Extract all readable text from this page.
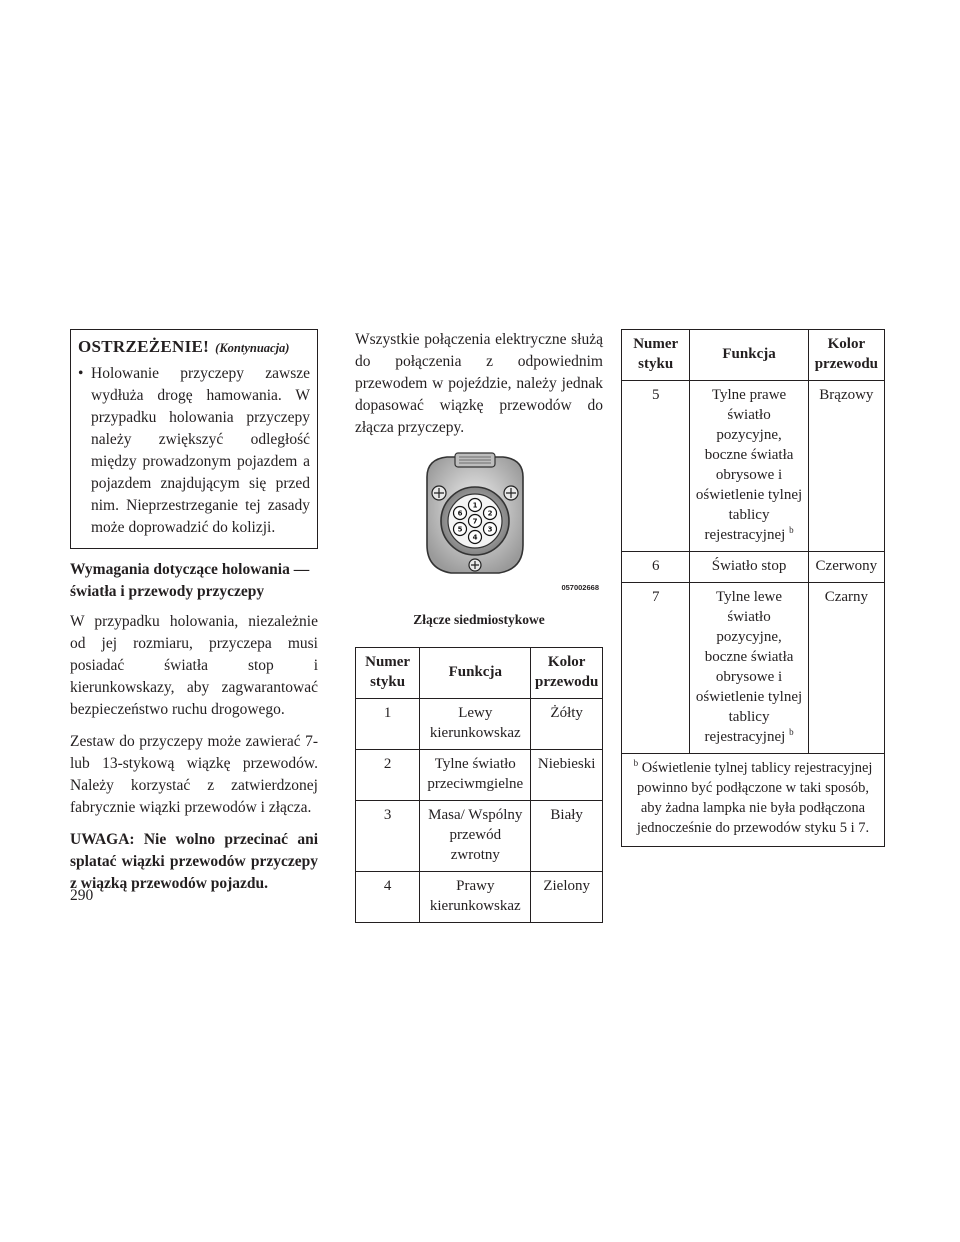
OSTRZEŻENIE! (Kontynuacja)
• Holowanie przyczepy zawsze wydłuża drogę hamowania. W przypadku holowania przyczepy należy zwiększyć odległość między prowadzonym pojazdem a pojazdem znajdującym się przed nim. Nieprzestrzeganie tej zasady może doprowadzić do kolizji.
Wymagania dotyczące holowania — światła i przewody przyczepy

W przypadku holowania, niezależnie od jej rozmiaru, przyczepa musi posiadać światła stop i kierunkowskazy, aby zagwarantować bezpieczeństwo ruchu drogowego.

Zestaw do przyczepy może zawierać 7- lub 13-stykową wiązkę przewodów. Należy korzystać z zatwierdzonej fabrycznie wiązki przewodów i złącza.

UWAGA: Nie wolno przecinać ani splatać wiązki przewodów przyczepy z wiązką przewodów pojazdu.

Wszystkie połączenia elektryczne służą do połączenia z odpowiednim przewodem w pojeździe, należy jednak dopasować wiązkę przewodów do złącza przyczepy.

1
2
3
4
5
6
7
057002668
Złącze siedmiostykowe
Numer styku	Funkcja	Kolor przewodu
1	Lewy kierunkowskaz	Żółty
2	Tylne światło przeciwmgielne	Niebieski
3	Masa/ Wspólny przewód zwrotny	Biały
4	Prawy kierunkowskaz	Zielony
Numer styku	Funkcja	Kolor przewodu
5	Tylne prawe światło pozycyjne, boczne światła obrysowe i oświetlenie tylnej tablicy rejestracyjnej $^b$	Brązowy
6	Światło stop	Czerwony
7	Tylne lewe światło pozycyjne, boczne światła obrysowe i oświetlenie tylnej tablicy rejestracyjnej $^b$	Czarny
$^b$ Oświetlenie tylnej tablicy rejestracyjnej powinno być podłączone w taki sposób, aby żadna lampka nie była podłączona jednocześnie do przewodów styku 5 i 7.		
290
